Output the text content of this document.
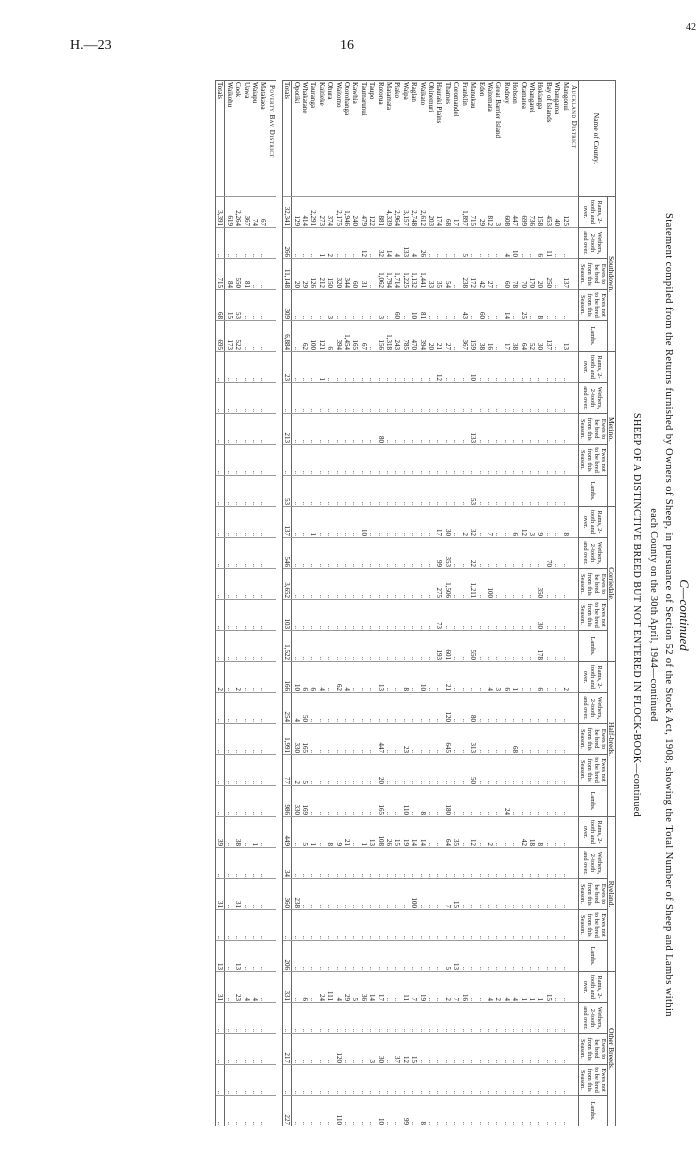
H.—23	16
42
C—continued
Statement compiled from the Returns furnished by Owners of Sheep, in pursuance of Section 52 of the Stock Act, 1908, showing the Total Number of Sheep and Lambs within
each County on the 30th April, 1944—continued
SHEEP OF A DISTINCTIVE BREED BUT NOT ENTERED IN FLOCK-BOOK—continued
Name of County.	Southdown.					Merino.					Corriedale.					Half-breds.					Ryeland.					Other Breeds.				

	Rams, 2-tooth and over.	Wethers, 2-tooth and over.	Ewes to be bred from this Season.	Ewes not to be bred from this Season.	Lambs.	Rams, 2-tooth and over.	Wethers, 2-tooth and over.	Ewes to be bred from this Season.	Ewes not to be bred from this Season.	Lambs.	Rams, 2-tooth and over.	Wethers, 2-tooth and over.	Ewes to be bred from this Season.	Ewes not to be bred from this Season.	Lambs.	Rams, 2-tooth and over.	Wethers, 2-tooth and over.	Ewes to be bred from this Season.	Ewes not to be bred from this Season.	Lambs.	Rams, 2-tooth and over.	Wethers, 2-tooth and over.	Ewes to be bred from this Season.	Ewes not to be bred from this Season.	Lambs.	Rams, 2-tooth and over.	Wethers, 2-tooth and over.	Ewes to be bred from this Season.	Ewes not to be bred from this Season.	Lambs.

Auckland District																														
Mangonui	125	..	137	..	13	..	..	..	..	..	8	..	..	..	..	2	..	..	..	..	..	..	..	..	..	..	..	..	..	..
Whangaroa	40	..	..	..	..	..	..	..	..	..	..	..	..	..	..	..	..	..	..	..	..	..	..	..	..	..	..	..	..	..
Bay of Islands	453	11	250	..	137	..	..	..	..	..	..	70	..	..	..	..	..	..	..	..	..	..	..	..	..	15	..	..	..	..
Hokianga	158	6	20	8	30	..	..	..	..	..	9	..	350	30	178	6	..	..	..	..	8	..	..	..	..	1	..	..	..	..
Whangarei	736	..	170	..	52	..	..	..	..	..	3	..	..	..	..	..	..	..	..	..	18	..	..	..	..	1	..	..	..	..
Otamatea	699	..	70	25	64	..	..	..	..	..	12	..	..	..	..	..	..	..	..	..	42	..	..	..	..	1	..	..	..	..
Hobson	447	10	78	..	38	..	..	..	..	..	6	..	..	..	..	1	..	68	..	..	..	..	..	..	..	4	..	..	..	..
Rodney	608	4	60	14	17	..	..	..	..	..	..	..	..	..	..	6	..	..	..	24	..	..	..	..	..	4	..	..	..	..
Great Barrier Island	3	..	..	..	..	..	..	..	..	..	..	..	..	..	..	3	..	..	..	..	..	..	..	..	..	2	..	..	..	..
Waitemata	812	..	27	..	16	..	..	..	..	..	7	..	100	..	..	4	..	..	..	..	2	..	..	..	..	4	..	..	..	..
Eden	29	..	42	60	38	..	..	..	..	..	..	..	..	..	..	..	..	..	..	..	..	..	..	..	..	..	..	..	..	..
Manukau	715	..	172	..	159	10	..	133	..	53	32	22	1,211	..	550	..	80	313	50	..	12	..	..	..	..	..	..	..	..	..
Franklin	1,897	5	238	43	367	..	..	..	..	..	2	..	..	..	..	..	..	..	..	..	..	..	..	..	..	16	..	..	..	..
Coromandel	17	..	..	..	..	..	..	..	..	..	..	..	..	..	..	..	..	..	..	..	35	..	15	..	13	7	..	..	..	..
Thames	68	..	54	..	27	..	..	..	..	..	30	353	1,506	..	601	21	120	645	..	180	64	..	7	..	5	2	..	..	..	..
Hauraki Plains	174	..	35	..	21	12	..	..	..	..	17	99	275	73	193	..	..	..	..	..	..	..	..	..	..	..	..	..	..	..
Ohinemuri	203	..	33	..	20	..	..	..	..	..	..	..	..	..	..	..	..	..	..	..	..	..	..	..	..	..	..	..	..	..
Waikato	2,612	26	1,441	81	394	..	..	..	..	..	..	..	..	..	..	10	..	..	..	8	14	..	..	..	..	19	..	..	..	8
Raglan	2,748	4	1,132	10	470	..	..	..	..	..	..	..	..	..	..	..	..	..	..	..	14	..	100	..	..	7	..	15	..	..
Waipa	3,157	133	1,225	..	785	..	..	..	..	..	..	..	..	..	..	8	..	23	..	110	19	..	..	..	..	11	..	12	..	99
Piako	2,964	4	1,714	60	243	..	..	..	..	..	..	..	..	..	..	..	..	..	..	..	15	..	..	..	..	..	..	37	..	..
Matamata	4,339	14	1,794	..	1,318	..	..	..	..	..	..	..	..	..	..	..	..	..	..	..	26	..	..	..	..	..	..	..	..	..
Rotorua	881	32	1,062	3	156	..	..	80	..	..	..	..	..	..	..	13	..	447	20	165	108	..	..	..	..	17	..	30	..	10
Taupo	122	..	..	..	..	..	..	..	..	..	..	..	..	..	..	..	..	..	..	..	13	..	..	..	..	14	..	3	..	..
Taumarunui	479	12	31	..	67	..	..	..	..	..	10	..	..	..	..	..	..	..	..	..	1	..	..	..	..	36	..	..	..	..
Kawhia	240	..	60	..	165	..	..	..	..	..	..	..	..	..	..	..	..	..	..	..	..	..	..	..	..	5	..	..	..	..
Otorohanga	1,946	..	344	..	1,454	..	..	..	..	..	..	..	..	..	..	4	..	..	..	..	21	..	..	..	..	29	..	..	..	..
Waitomo	2,175	..	320	..	394	..	..	..	..	..	..	..	..	..	..	62	..	..	..	..	9	..	..	..	..	4	..	120	..	110
Ohura	374	2	150	3	6	..	..	..	..	..	..	..	..	..	..	..	..	..	..	..	8	..	..	..	..	111	..	..	..	..
Kaitieke	273	1	212	..	121	1	..	..	..	..	..	..	..	..	..	4	..	..	..	..	..	..	..	..	..	24	..	..	..	..
Tauranga	2,291	..	126	..	100	..	..	..	..	..	1	..	..	..	..	6	..	..	..	..	1	..	..	..	..	..	..	..	..	..
Whakatane	414	..	29	..	62	..	..	..	..	..	..	..	..	..	..	6	50	165	5	169	5	..	..	..	..	6	..	..	..	..
Opotiki	129	..	20	..	..	..	..	..	..	..	..	..	..	..	..	10	4	330	2	330	..	..	238	..	..	..	..	..	..	..
Totals	32,341	266	11,148	309	6,884	23	..	213	..	53	137	546	3,652	103	1,522	166	254	1,991	77	986	449	34	360	..	206	331	..	217	..	227

Poverty Bay District																														
Matakaoa	67	..	..	..	..	..	..	..	..	..	..	..	..	..	..	..	..	..	..	..	..	..	..	..	..	..	..	..	..	..
Waiapu	74	..	..	..	..	..	..	..	..	..	..	..	..	..	..	..	..	..	..	..	1	..	..	..	..	4	..	..	..	..
Uawa	367	..	81	..	..	..	..	..	..	..	..	..	..	..	..	..	..	..	..	..	..	..	..	..	..	4	..	..	..	..
Cook	2,264	..	550	53	522	..	..	..	..	..	..	..	..	..	..	2	..	..	..	..	38	..	31	..	13	23	..	..	..	..
Waikohu	619	..	84	15	173	..	..	..	..	..	..	..	..	..	..	..	..	..	..	..	..	..	..	..	..	..	..	..	..	..
Totals	3,391	..	715	68	695	..	..	..	..	..	..	..	..	..	..	2	..	..	..	..	39	..	31	..	13	31	..	..	..	..
